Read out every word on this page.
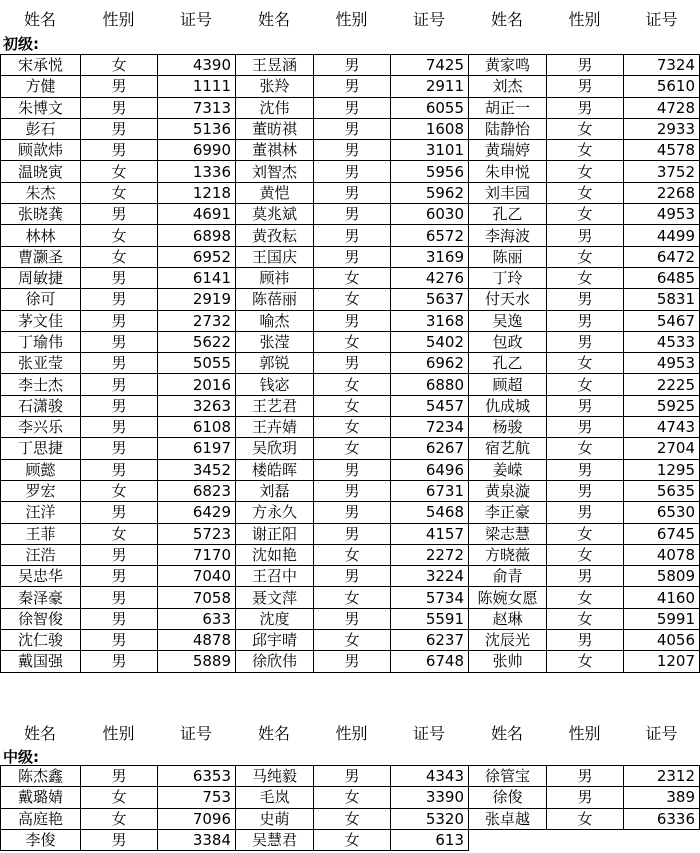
姓名	性别	证号	姓名	性别	证号	姓名	性别	证号
初级:
宋承悦	女	4390	王昱涵	男	7425	黄家鸣	男	7324
方健	男	1111	张羚	男	2911	刘杰	男	5610
朱博文	男	7313	沈伟	男	6055	胡正一	男	4728
彭石	男	5136	董昉祺	男	1608	陆静怡	女	2933
顾歆炜	男	6990	董祺林	男	3101	黄瑞婷	女	4578
温晓寅	女	1336	刘智杰	男	5956	朱申悦	女	3752
朱杰	女	1218	黄恺	男	5962	刘丰园	女	2268
张晓龚	男	4691	莫兆斌	男	6030	孔乙	女	4953
林林	女	6898	黄孜耘	男	6572	李海波	男	4499
曹灏圣	女	6952	王国庆	男	3169	陈丽	女	6472
周敏捷	男	6141	顾祎	女	4276	丁玲	女	6485
徐可	男	2919	陈蓓丽	女	5637	付天水	男	5831
茅文佳	男	2732	喻杰	男	3168	吴逸	男	5467
丁瑜伟	男	5622	张滢	女	5402	包政	男	4533
张亚莹	男	5055	郭锐	男	6962	孔乙	女	4953
李士杰	男	2016	钱宓	女	6880	顾超	女	2225
石潇骏	男	3263	王艺君	女	5457	仇成城	男	5925
李兴乐	男	6108	王卉婧	女	7234	杨骏	男	4743
丁思捷	男	6197	吴欣玥	女	6267	宿艺航	女	2704
顾懿	男	3452	楼皓晖	男	6496	姜嵘	男	1295
罗宏	女	6823	刘磊	男	6731	黄泉漩	男	5635
汪洋	男	6429	方永久	男	5468	李正豪	男	6530
王菲	女	5723	谢正阳	男	4157	梁志慧	女	6745
汪浩	男	7170	沈如艳	女	2272	方晓薇	女	4078
吴忠华	男	7040	王召中	男	3224	俞青	男	5809
秦泽豪	男	7058	聂文萍	女	5734	陈婉女愿	女	4160
徐智俊	男	633	沈度	男	5591	赵琳	女	5991
沈仁骏	男	4878	邱宇晴	女	6237	沈辰光	男	4056
戴国强	男	5889	徐欣伟	男	6748	张帅	女	1207
姓名	性别	证号	姓名	性别	证号	姓名	性别	证号
中级:
陈杰鑫	男	6353	马纯毅	男	4343	徐管宝	男	2312
戴璐婧	女	753	毛岚	女	3390	徐俊	男	389
高庭艳	女	7096	史萌	女	5320	张卓越	女	6336
李俊	男	3384	吴慧君	女	613			
